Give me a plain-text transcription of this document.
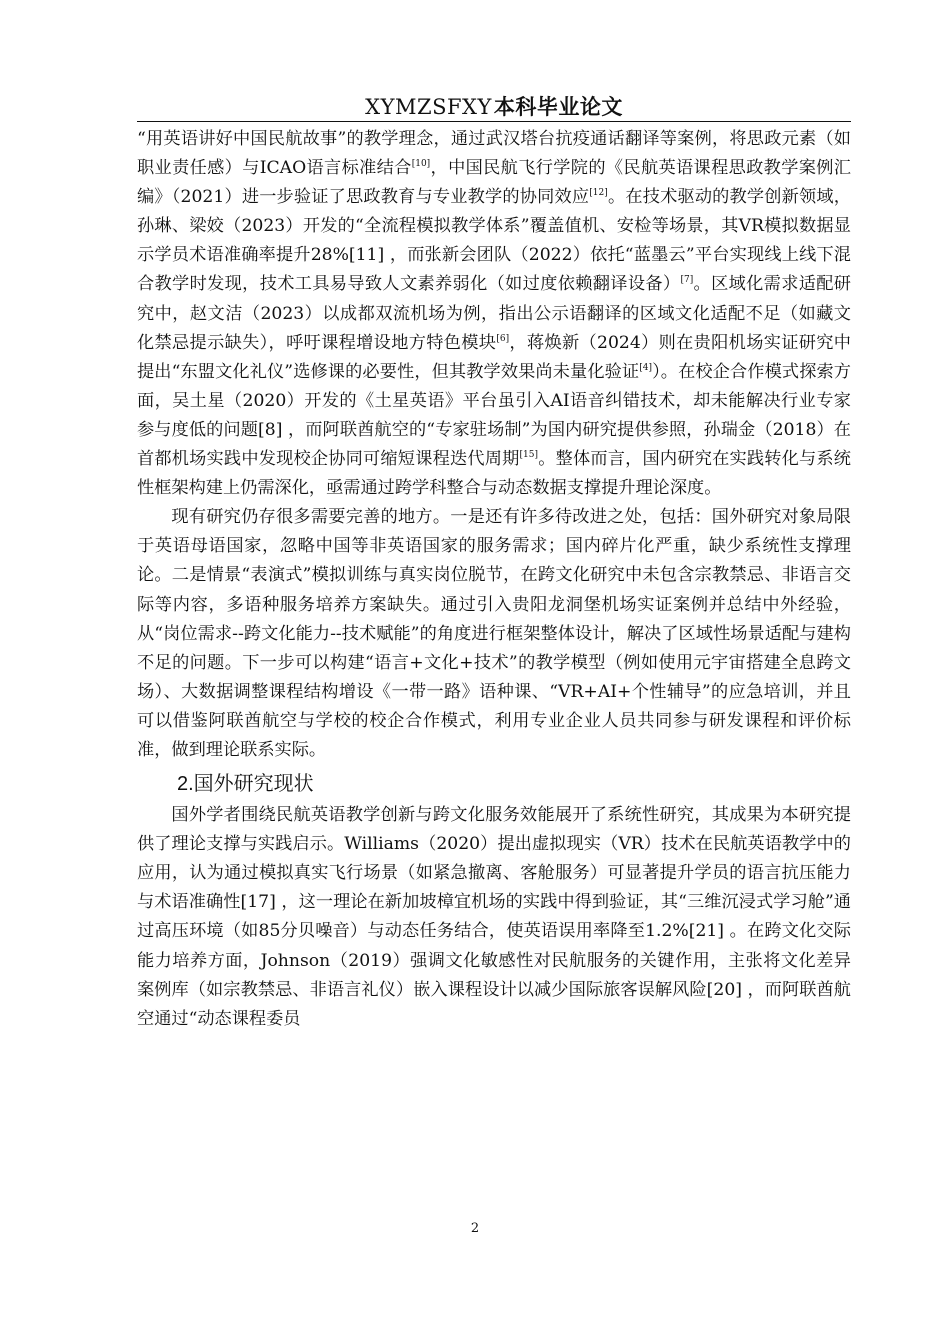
XYMZSFXY本科毕业论文

“用英语讲好中国民航故事”的教学理念，通过武汉塔台抗疫通话翻译等案例，将思政元素（如职业责任感）与ICAO语言标准结合[10]，中国民航飞行学院的《民航英语课程思政教学案例汇编》（2021）进一步验证了思政教育与专业教学的协同效应[12]。在技术驱动的教学创新领域，孙琳、梁姣（2023）开发的“全流程模拟教学体系”覆盖值机、安检等场景，其VR模拟数据显示学员术语准确率提升28%[11] ，而张新会团队（2022）依托“蓝墨云”平台实现线上线下混合教学时发现，技术工具易导致人文素养弱化（如过度依赖翻译设备）[7]。区域化需求适配研究中，赵文洁（2023）以成都双流机场为例，指出公示语翻译的区域文化适配不足（如藏文化禁忌提示缺失），呼吁课程增设地方特色模块[6]，蒋焕新（2024）则在贵阳机场实证研究中提出“东盟文化礼仪”选修课的必要性，但其教学效果尚未量化验证[4]）。在校企合作模式探索方面，吴土星（2020）开发的《土星英语》平台虽引入AI语音纠错技术，却未能解决行业专家参与度低的问题[8] ，而阿联酋航空的“专家驻场制”为国内研究提供参照，孙瑞金（2018）在首都机场实践中发现校企协同可缩短课程迭代周期[15]。整体而言，国内研究在实践转化与系统性框架构建上仍需深化，亟需通过跨学科整合与动态数据支撑提升理论深度。

现有研究仍存很多需要完善的地方。一是还有许多待改进之处，包括：国外研究对象局限于英语母语国家，忽略中国等非英语国家的服务需求；国内碎片化严重，缺少系统性支撑理论。二是情景“表演式”模拟训练与真实岗位脱节，在跨文化研究中未包含宗教禁忌、非语言交际等内容，多语种服务培养方案缺失。通过引入贵阳龙洞堡机场实证案例并总结中外经验，从“岗位需求--跨文化能力--技术赋能”的角度进行框架整体设计，解决了区域性场景适配与建构不足的问题。下一步可以构建“语言+文化+技术”的教学模型（例如使用元宇宙搭建全息跨文场）、大数据调整课程结构增设《一带一路》语种课、“VR+AI+个性辅导”的应急培训，并且可以借鉴阿联酋航空与学校的校企合作模式，利用专业企业人员共同参与研发课程和评价标准，做到理论联系实际。

2.国外研究现状

国外学者围绕民航英语教学创新与跨文化服务效能展开了系统性研究，其成果为本研究提供了理论支撑与实践启示。Williams（2020）提出虚拟现实（VR）技术在民航英语教学中的应用，认为通过模拟真实飞行场景（如紧急撤离、客舱服务）可显著提升学员的语言抗压能力与术语准确性[17] ，这一理论在新加坡樟宜机场的实践中得到验证，其“三维沉浸式学习舱”通过高压环境（如85分贝噪音）与动态任务结合，使英语误用率降至1.2%[21] 。在跨文化交际能力培养方面，Johnson（2019）强调文化敏感性对民航服务的关键作用，主张将文化差异案例库（如宗教禁忌、非语言礼仪）嵌入课程设计以减少国际旅客误解风险[20] ，而阿联酋航空通过“动态课程委员

2
